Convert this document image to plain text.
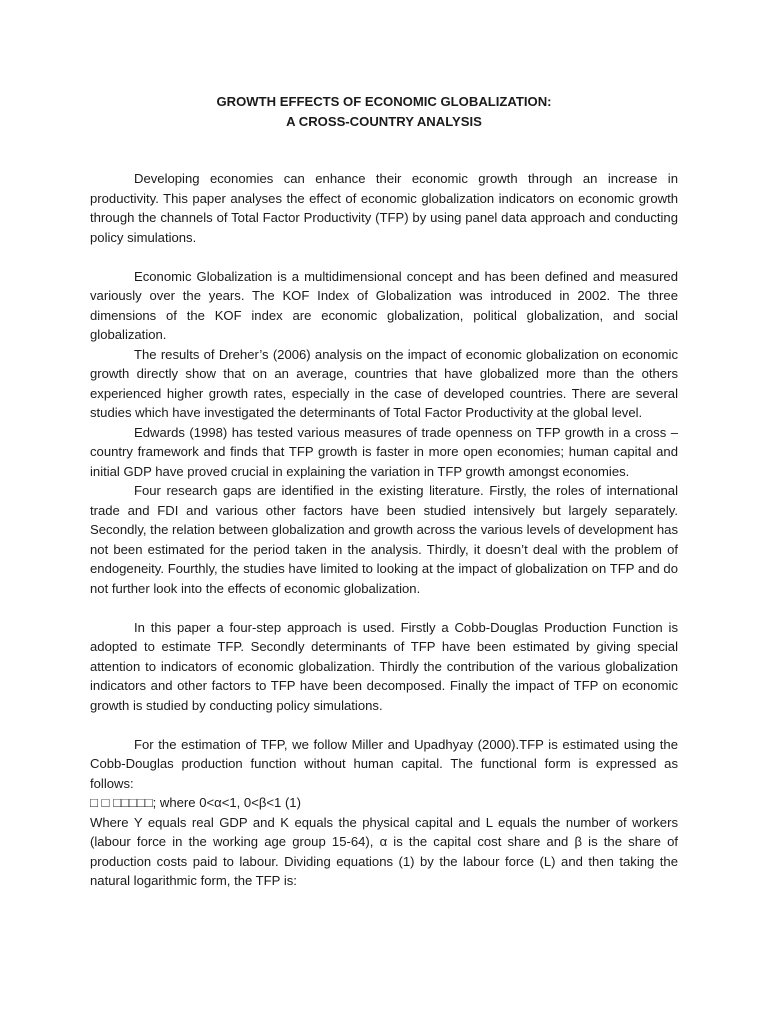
GROWTH EFFECTS OF ECONOMIC GLOBALIZATION:

A CROSS-COUNTRY ANALYSIS

Developing economies can enhance their economic growth through an increase in productivity. This paper analyses the effect of economic globalization indicators on economic growth through the channels of Total Factor Productivity (TFP) by using panel data approach and conducting policy simulations.

Economic Globalization is a multidimensional concept and has been defined and measured variously over the years. The KOF Index of Globalization was introduced in 2002. The three dimensions of the KOF index are economic globalization, political globalization, and social globalization.

The results of Dreher’s (2006) analysis on the impact of economic globalization on economic growth directly show that on an average, countries that have globalized more than the others experienced higher growth rates, especially in the case of developed countries. There are several studies which have investigated the determinants of Total Factor Productivity at the global level.

Edwards (1998) has tested various measures of trade openness on TFP growth in a cross – country framework and finds that TFP growth is faster in more open economies; human capital and initial GDP have proved crucial in explaining the variation in TFP growth amongst economies.

Four research gaps are identified in the existing literature. Firstly, the roles of international trade and FDI and various other factors have been studied intensively but largely separately. Secondly, the relation between globalization and growth across the various levels of development has not been estimated for the period taken in the analysis. Thirdly, it doesn’t deal with the problem of endogeneity. Fourthly, the studies have limited to looking at the impact of globalization on TFP and do not further look into the effects of economic globalization.

In this paper a four-step approach is used. Firstly a Cobb-Douglas Production Function is adopted to estimate TFP. Secondly determinants of TFP have been estimated by giving special attention to indicators of economic globalization. Thirdly the contribution of the various globalization indicators and other factors to TFP have been decomposed. Finally the impact of TFP on economic growth is studied by conducting policy simulations.

For the estimation of TFP, we follow Miller and Upadhyay (2000).TFP is estimated using the Cobb-Douglas production function without human capital. The functional form is expressed as follows:

□ □ □□□□□; where 0<α<1, 0<β<1 (1)

Where Y equals real GDP and K equals the physical capital and L equals the number of workers (labour force in the working age group 15-64), α is the capital cost share and β is the share of production costs paid to labour. Dividing equations (1) by the labour force (L) and then taking the natural logarithmic form, the TFP is:
